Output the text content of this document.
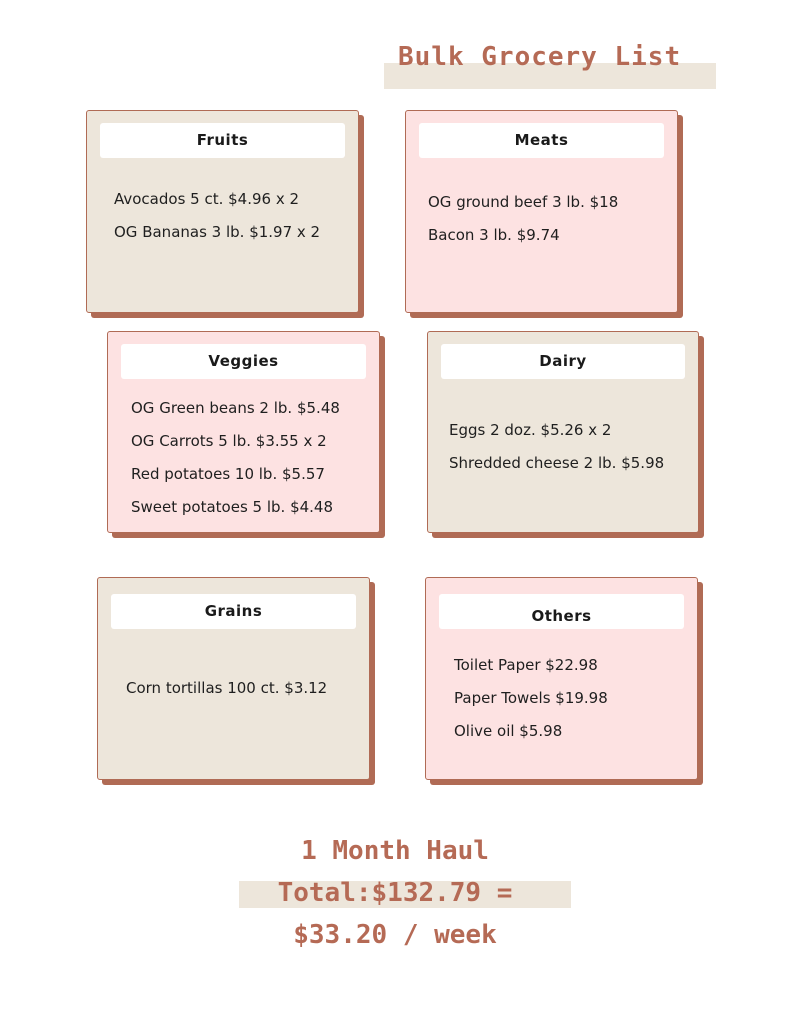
Bulk Grocery List
Fruits
Avocados 5 ct. $4.96 x 2
OG Bananas 3 lb. $1.97 x 2
Meats
OG ground beef 3 lb. $18
Bacon 3 lb. $9.74
Veggies
OG Green beans 2 lb. $5.48
OG Carrots 5 lb. $3.55 x 2
Red potatoes 10 lb. $5.57
Sweet potatoes 5 lb. $4.48
Dairy
Eggs 2 doz. $5.26 x 2
Shredded cheese 2 lb. $5.98
Grains
Corn tortillas 100 ct. $3.12
Others
Toilet Paper $22.98
Paper Towels $19.98
Olive oil $5.98
1 Month Haul
Total:$132.79 =
$33.20 / week
